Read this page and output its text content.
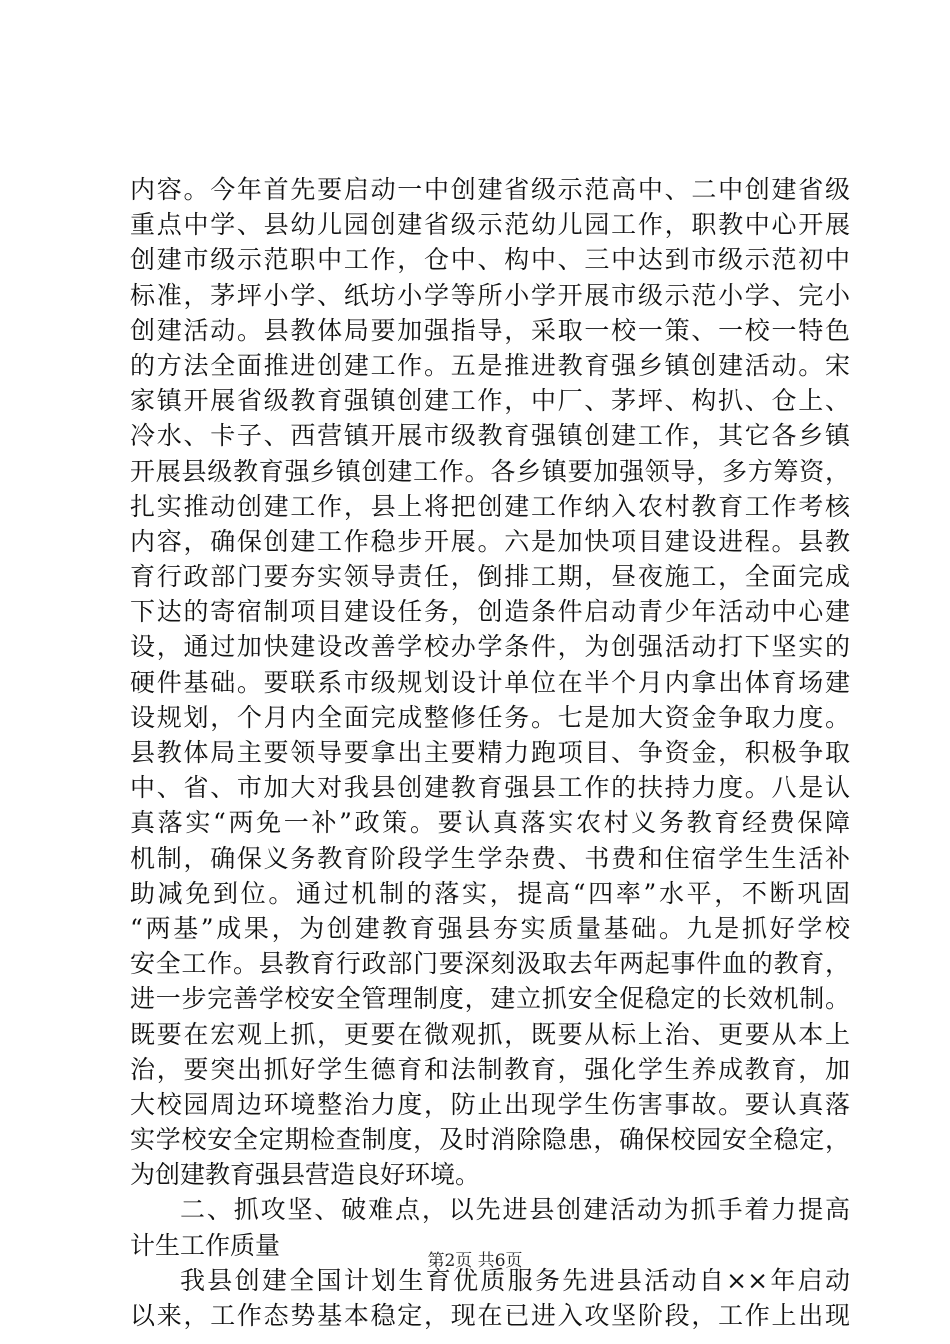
内容。今年首先要启动一中创建省级示范高中、二中创建省级
重点中学、县幼儿园创建省级示范幼儿园工作，职教中心开展
创建市级示范职中工作，仓中、构中、三中达到市级示范初中
标准，茅坪小学、纸坊小学等所小学开展市级示范小学、完小
创建活动。县教体局要加强指导，采取一校一策、一校一特色
的方法全面推进创建工作。五是推进教育强乡镇创建活动。宋
家镇开展省级教育强镇创建工作，中厂、茅坪、构扒、仓上、
冷水、卡子、西营镇开展市级教育强镇创建工作，其它各乡镇
开展县级教育强乡镇创建工作。各乡镇要加强领导，多方筹资，
扎实推动创建工作，县上将把创建工作纳入农村教育工作考核
内容，确保创建工作稳步开展。六是加快项目建设进程。县教
育行政部门要夯实领导责任，倒排工期，昼夜施工，全面完成
下达的寄宿制项目建设任务，创造条件启动青少年活动中心建
设，通过加快建设改善学校办学条件，为创强活动打下坚实的
硬件基础。要联系市级规划设计单位在半个月内拿出体育场建
设规划，个月内全面完成整修任务。七是加大资金争取力度。
县教体局主要领导要拿出主要精力跑项目、争资金，积极争取
中、省、市加大对我县创建教育强县工作的扶持力度。八是认
真落实“两免一补”政策。要认真落实农村义务教育经费保障
机制，确保义务教育阶段学生学杂费、书费和住宿学生生活补
助减免到位。通过机制的落实，提高“四率”水平，不断巩固
“两基”成果，为创建教育强县夯实质量基础。九是抓好学校
安全工作。县教育行政部门要深刻汲取去年两起事件血的教育，
进一步完善学校安全管理制度，建立抓安全促稳定的长效机制。
既要在宏观上抓，更要在微观抓，既要从标上治、更要从本上
治，要突出抓好学生德育和法制教育，强化学生养成教育，加
大校园周边环境整治力度，防止出现学生伤害事故。要认真落
实学校安全定期检查制度，及时消除隐患，确保校园安全稳定，
为创建教育强县营造良好环境。
二、抓攻坚、破难点，以先进县创建活动为抓手着力提高
计生工作质量
我县创建全国计划生育优质服务先进县活动自××年启动
以来，工作态势基本稳定，现在已进入攻坚阶段，工作上出现
第2页 共6页
